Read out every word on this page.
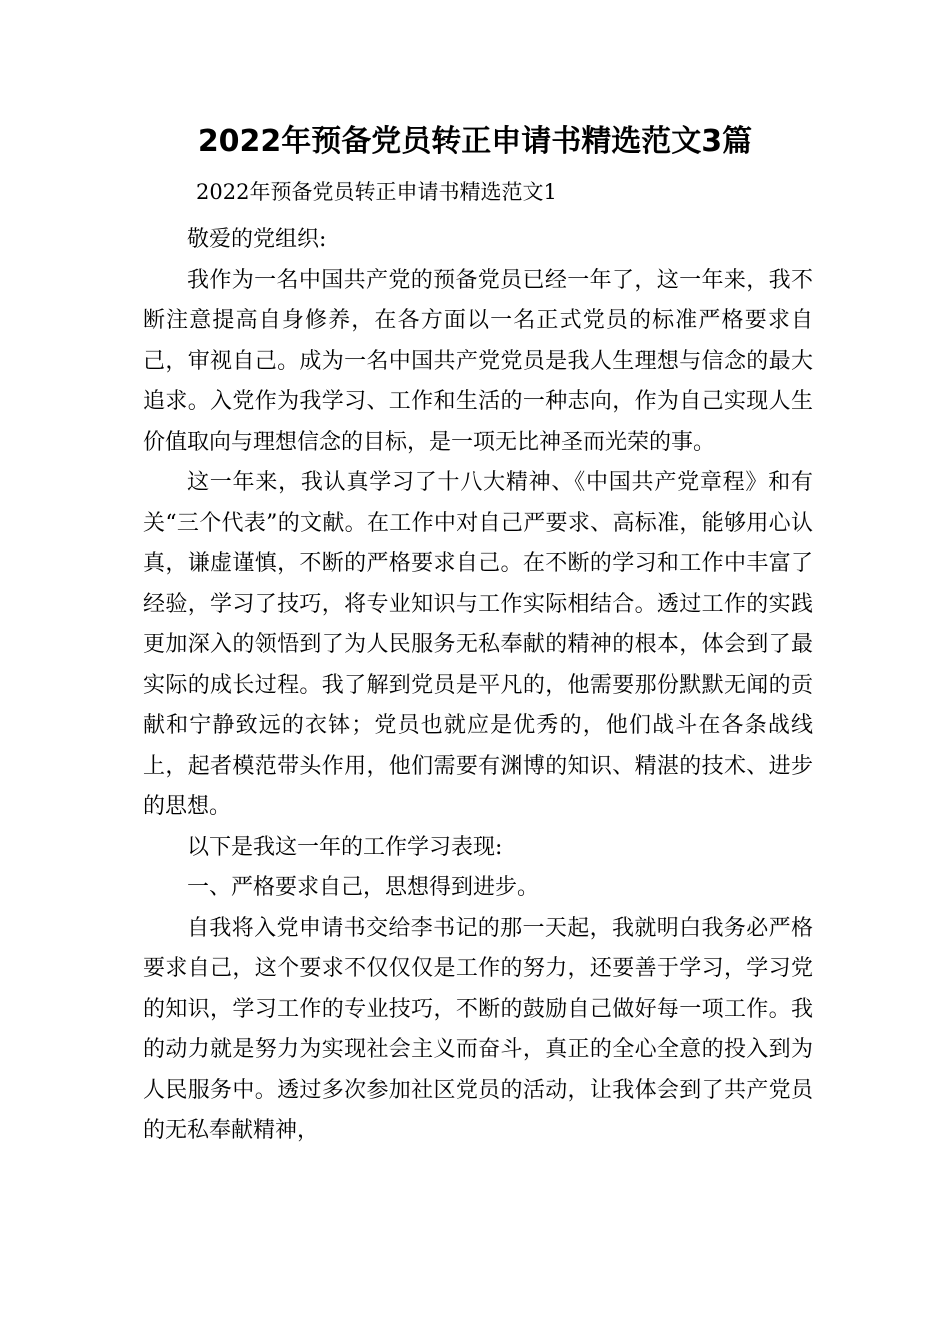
2022年预备党员转正申请书精选范文3篇
2022年预备党员转正申请书精选范文1

敬爱的党组织:

我作为一名中国共产党的预备党员已经一年了，这一年来，我不断注意提高自身修养，在各方面以一名正式党员的标准严格要求自己，审视自己。成为一名中国共产党党员是我人生理想与信念的最大追求。入党作为我学习、工作和生活的一种志向，作为自己实现人生价值取向与理想信念的目标，是一项无比神圣而光荣的事。

这一年来，我认真学习了十八大精神、《中国共产党章程》和有关“三个代表”的文献。在工作中对自己严要求、高标准，能够用心认真，谦虚谨慎，不断的严格要求自己。在不断的学习和工作中丰富了经验，学习了技巧，将专业知识与工作实际相结合。透过工作的实践更加深入的领悟到了为人民服务无私奉献的精神的根本，体会到了最实际的成长过程。我了解到党员是平凡的，他需要那份默默无闻的贡献和宁静致远的衣钵；党员也就应是优秀的，他们战斗在各条战线上，起者模范带头作用，他们需要有渊博的知识、精湛的技术、进步的思想。

以下是我这一年的工作学习表现:

一、严格要求自己，思想得到进步。

自我将入党申请书交给李书记的那一天起，我就明白我务必严格要求自己，这个要求不仅仅仅是工作的努力，还要善于学习，学习党的知识，学习工作的专业技巧，不断的鼓励自己做好每一项工作。我的动力就是努力为实现社会主义而奋斗，真正的全心全意的投入到为人民服务中。透过多次参加社区党员的活动，让我体会到了共产党员的无私奉献精神，
